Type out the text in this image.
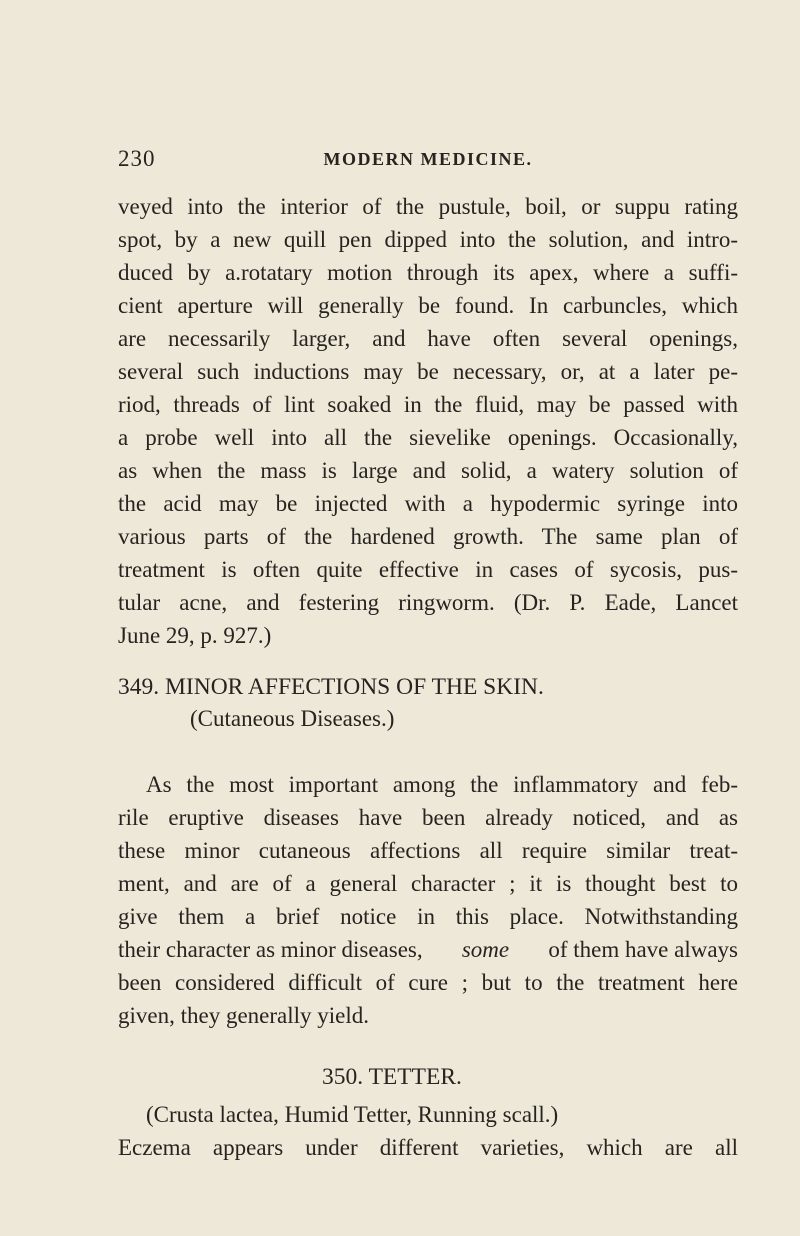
230	MODERN MEDICINE.
veyed into the interior of the pustule, boil, or suppu rating
spot, by a new quill pen dipped into the solution, and intro-
duced by a.rotatary motion through its apex, where a suffi-
cient aperture will generally be found. In carbuncles, which
are necessarily larger, and have often several openings,
several such inductions may be necessary, or, at a later pe-
riod, threads of lint soaked in the fluid, may be passed with
a probe well into all the sievelike openings. Occasionally,
as when the mass is large and solid, a watery solution of
the acid may be injected with a hypodermic syringe into
various parts of the hardened growth. The same plan of
treatment is often quite effective in cases of sycosis, pus-
tular acne, and festering ringworm. (Dr. P. Eade, Lancet
June 29, p. 927.)
349. MINOR AFFECTIONS OF THE SKIN.
(Cutaneous Diseases.)
As the most important among the inflammatory and feb-
rile eruptive diseases have been already noticed, and as
these minor cutaneous affections all require similar treat-
ment, and are of a general character ; it is thought best to
give them a brief notice in this place. Notwithstanding
their character as minor diseases, some of them have always
been considered difficult of cure ; but to the treatment here
given, they generally yield.
350. TETTER.
(Crusta lactea, Humid Tetter, Running scall.)
Eczema appears under different varieties, which are all
